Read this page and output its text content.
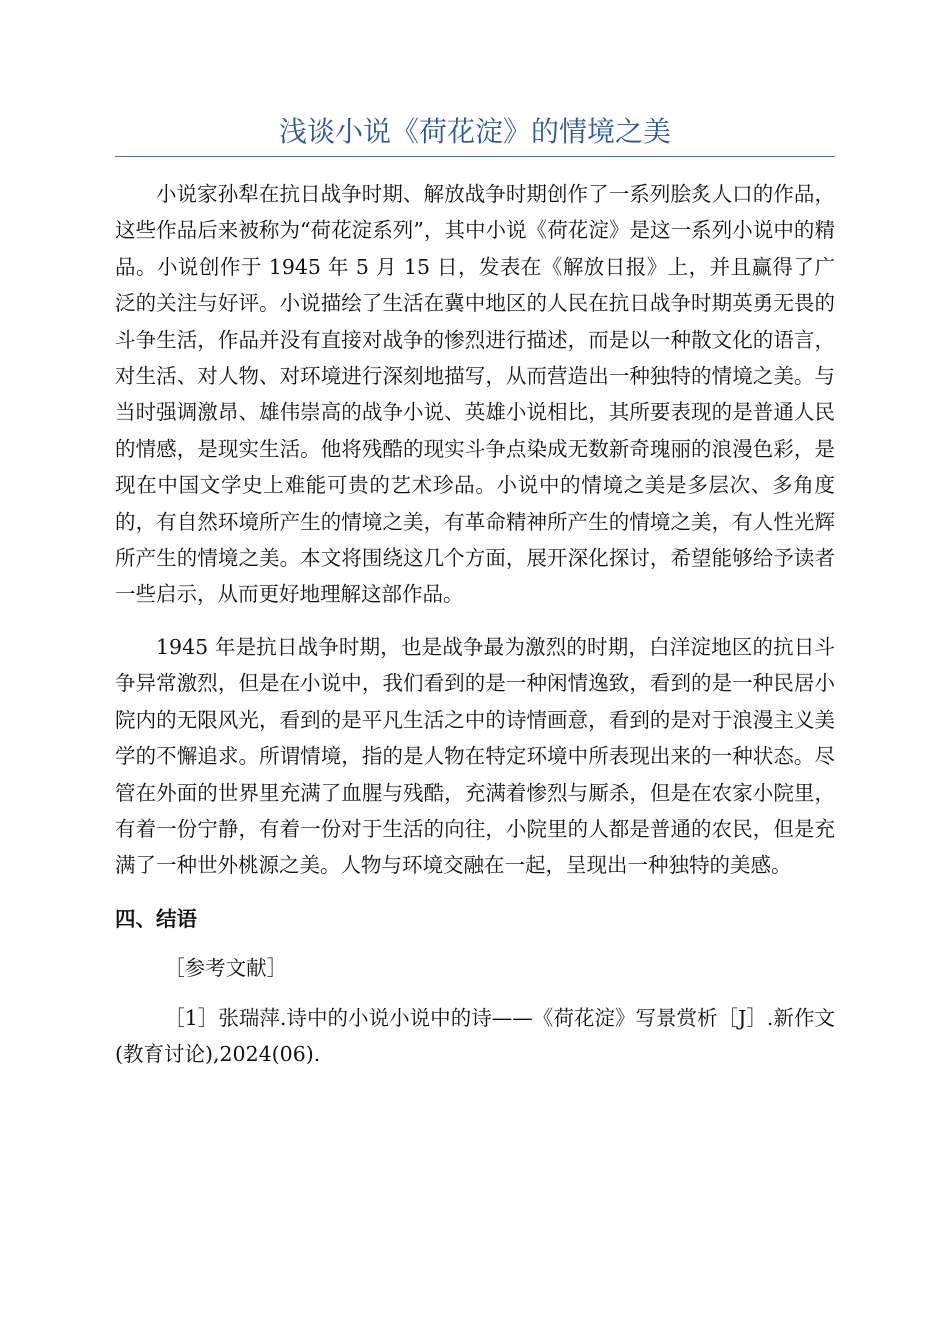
浅谈小说《荷花淀》的情境之美

小说家孙犁在抗日战争时期、解放战争时期创作了一系列脍炙人口的作品，这些作品后来被称为“荷花淀系列”，其中小说《荷花淀》是这一系列小说中的精品。小说创作于 1945 年 5 月 15 日，发表在《解放日报》上，并且赢得了广泛的关注与好评。小说描绘了生活在冀中地区的人民在抗日战争时期英勇无畏的斗争生活，作品并没有直接对战争的惨烈进行描述，而是以一种散文化的语言，对生活、对人物、对环境进行深刻地描写，从而营造出一种独特的情境之美。与当时强调激昂、雄伟崇高的战争小说、英雄小说相比，其所要表现的是普通人民的情感，是现实生活。他将残酷的现实斗争点染成无数新奇瑰丽的浪漫色彩，是现在中国文学史上难能可贵的艺术珍品。小说中的情境之美是多层次、多角度的，有自然环境所产生的情境之美，有革命精神所产生的情境之美，有人性光辉所产生的情境之美。本文将围绕这几个方面，展开深化探讨，希望能够给予读者一些启示，从而更好地理解这部作品。

1945 年是抗日战争时期，也是战争最为激烈的时期，白洋淀地区的抗日斗争异常激烈，但是在小说中，我们看到的是一种闲情逸致，看到的是一种民居小院内的无限风光，看到的是平凡生活之中的诗情画意，看到的是对于浪漫主义美学的不懈追求。所谓情境，指的是人物在特定环境中所表现出来的一种状态。尽管在外面的世界里充满了血腥与残酷，充满着惨烈与厮杀，但是在农家小院里，有着一份宁静，有着一份对于生活的向往，小院里的人都是普通的农民，但是充满了一种世外桃源之美。人物与环境交融在一起，呈现出一种独特的美感。

四、结语

［参考文献］

［1］张瑞萍.诗中的小说小说中的诗——《荷花淀》写景赏析［J］.新作文(教育讨论),2024(06).
